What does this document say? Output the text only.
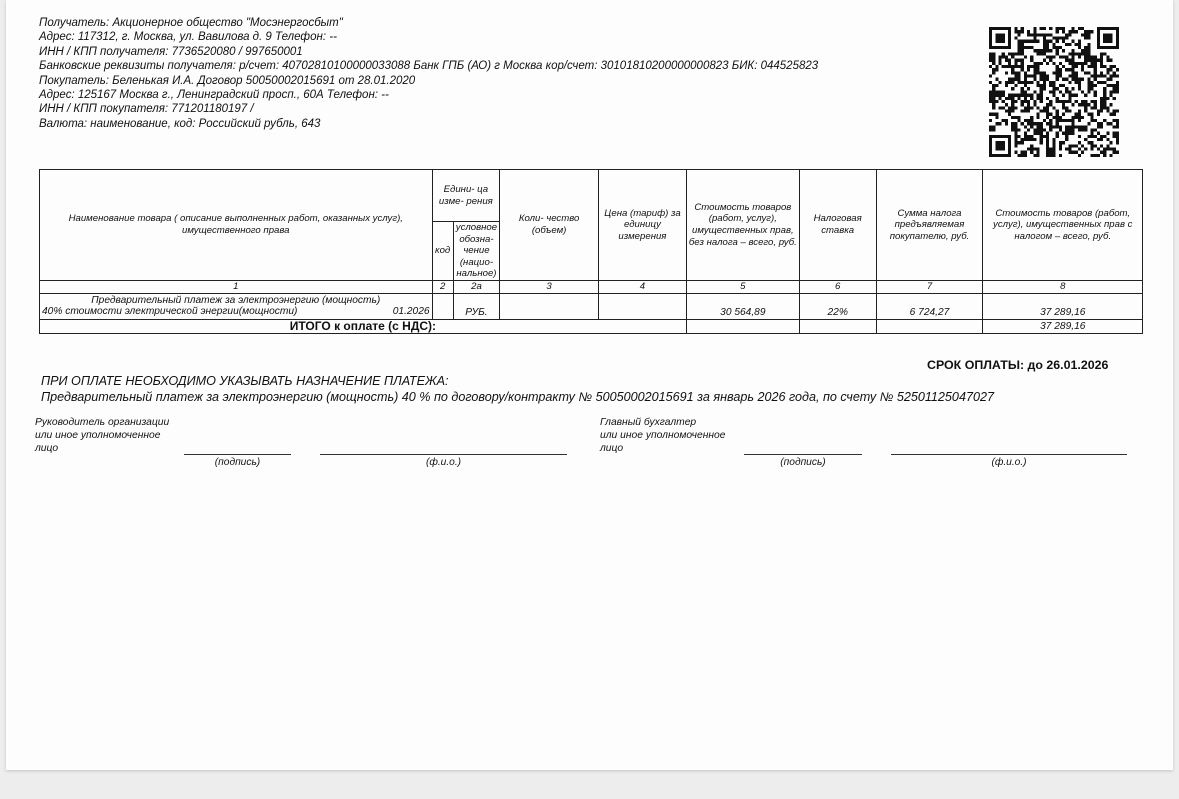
Получатель: Акционерное общество "Мосэнергосбыт"
Адрес: 117312, г. Москва, ул. Вавилова д. 9 Телефон: --
ИНН / КПП получателя: 7736520080 / 997650001
Банковские реквизиты получателя: р/счет: 40702810100000033088 Банк ГПБ (АО) г Москва кор/счет: 30101810200000000823 БИК: 044525823
Покупатель: Беленькая И.А. Договор 50050002015691 от 28.01.2020
Адрес: 125167 Москва г., Ленинградский просп., 60А Телефон: --
ИНН / КПП покупателя: 771201180197 /
Валюта: наименование, код: Российский рубль, 643
Наименование товара ( описание выполненных работ, оказанных услуг), имущественного права	Едини- ца изме- рения		Коли- чество (объем)	Цена (тариф) за единицу измерения	Стоимость товаров (работ, услуг), имущественных прав, без налога – всего, руб.	Налоговая ставка	Сумма налога предъявляемая покупателю, руб.	Стоимость товаров (работ, услуг), имущественных прав с налогом – всего, руб.
	код	условное обозна- чение (нацио- нальное)						
1	2	2а	3	4	5	6	7	8

Предварительный платеж за электроэнергию (мощность)
40% стоимости электрической энергии(мощности) 01.2026		РУБ.			30 564,89	22%	6 724,27	37 289,16
ИТОГО к оплате (с НДС):								37 289,16
СРОК ОПЛАТЫ: до 26.01.2026
ПРИ ОПЛАТЕ НЕОБХОДИМО УКАЗЫВАТЬ НАЗНАЧЕНИЕ ПЛАТЕЖА:
Предварительный платеж за электроэнергию (мощность) 40 % по договору/контракту № 50050002015691 за январь 2026 года, по счету № 52501125047027
Руководитель организации
или иное уполномоченное
лицо
(подпись)	(ф.и.о.)
Главный бухгалтер
или иное уполномоченное
лицо
(подпись)	(ф.и.о.)
